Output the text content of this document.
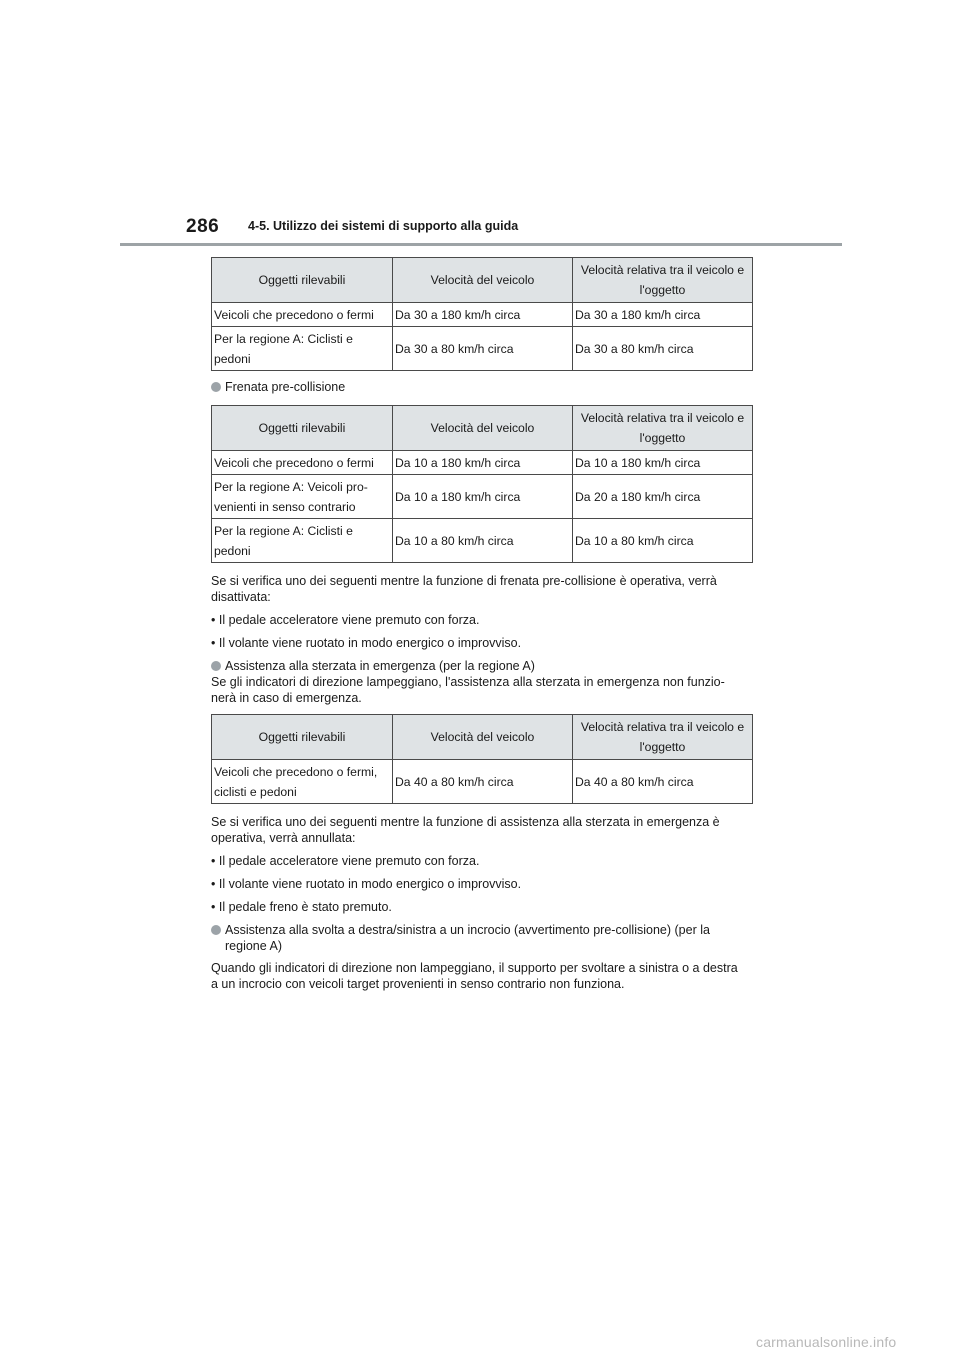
286 4-5. Utilizzo dei sistemi di supporto alla guida
Oggetti rilevabili	Velocità del veicolo	Velocità relativa tra il veicolo e
l'oggetto
Veicoli che precedono o fermi	Da 30 a 180 km/h circa	Da 30 a 180 km/h circa
Per la regione A: Ciclisti e
pedoni	Da 30 a 80 km/h circa	Da 30 a 80 km/h circa

Frenata pre-collisione

Oggetti rilevabili	Velocità del veicolo	Velocità relativa tra il veicolo e
l'oggetto
Veicoli che precedono o fermi	Da 10 a 180 km/h circa	Da 10 a 180 km/h circa
Per la regione A: Veicoli pro-
venienti in senso contrario	Da 10 a 180 km/h circa	Da 20 a 180 km/h circa
Per la regione A: Ciclisti e
pedoni	Da 10 a 80 km/h circa	Da 10 a 80 km/h circa

Se si verifica uno dei seguenti mentre la funzione di frenata pre-collisione è operativa, verrà
disattivata:

• Il pedale acceleratore viene premuto con forza.

• Il volante viene ruotato in modo energico o improvviso.

Assistenza alla sterzata in emergenza (per la regione A)

Se gli indicatori di direzione lampeggiano, l'assistenza alla sterzata in emergenza non funzio-
nerà in caso di emergenza.

Oggetti rilevabili	Velocità del veicolo	Velocità relativa tra il veicolo e
l'oggetto
Veicoli che precedono o fermi,
ciclisti e pedoni	Da 40 a 80 km/h circa	Da 40 a 80 km/h circa

Se si verifica uno dei seguenti mentre la funzione di assistenza alla sterzata in emergenza è
operativa, verrà annullata:

• Il pedale acceleratore viene premuto con forza.

• Il volante viene ruotato in modo energico o improvviso.

• Il pedale freno è stato premuto.

Assistenza alla svolta a destra/sinistra a un incrocio (avvertimento pre-collisione) (per la
regione A)

Quando gli indicatori di direzione non lampeggiano, il supporto per svoltare a sinistra o a destra
a un incrocio con veicoli target provenienti in senso contrario non funziona.

carmanualsonline.info
